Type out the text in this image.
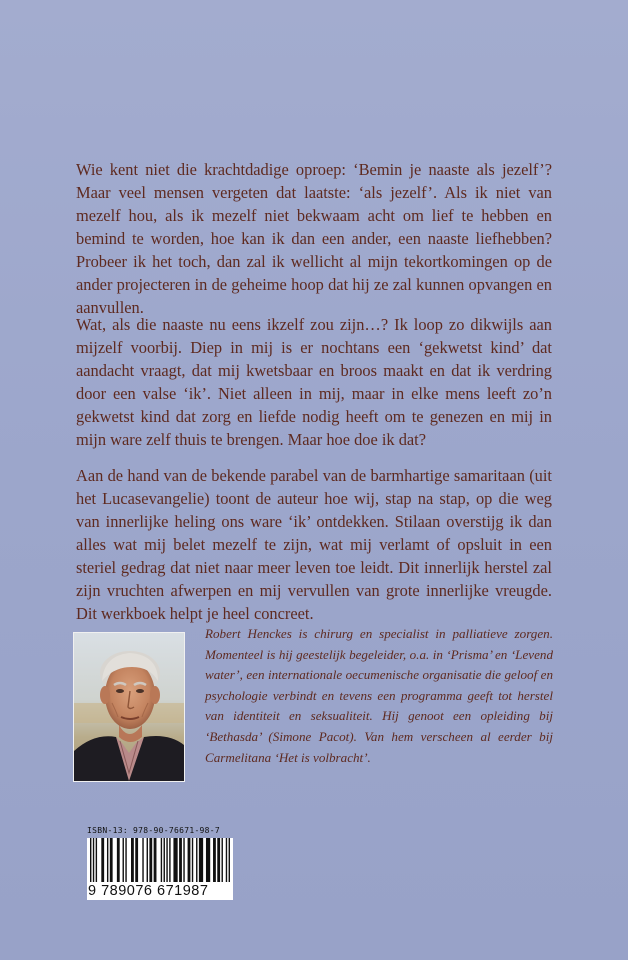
Wie kent niet die krachtdadige oproep: ‘Bemin je naaste als jezelf’? Maar veel mensen vergeten dat laatste: ‘als jezelf’. Als ik niet van mezelf hou, als ik mezelf niet bekwaam acht om lief te hebben en bemind te worden, hoe kan ik dan een ander, een naaste liefhebben? Probeer ik het toch, dan zal ik wellicht al mijn tekortkomingen op de ander projecteren in de geheime hoop dat hij ze zal kunnen opvangen en aanvullen.

Wat, als die naaste nu eens ikzelf zou zijn…? Ik loop zo dikwijls aan mijzelf voorbij. Diep in mij is er nochtans een ‘gekwetst kind’ dat aandacht vraagt, dat mij kwetsbaar en broos maakt en dat ik verdring door een valse ‘ik’. Niet alleen in mij, maar in elke mens leeft zo’n gekwetst kind dat zorg en liefde nodig heeft om te genezen en mij in mijn ware zelf thuis te brengen. Maar hoe doe ik dat?

Aan de hand van de bekende parabel van de barmhartige samaritaan (uit het Lucasevangelie) toont de auteur hoe wij, stap na stap, op die weg van innerlijke heling ons ware ‘ik’ ontdekken. Stilaan overstijg ik dan alles wat mij belet mezelf te zijn, wat mij verlamt of opsluit in een steriel gedrag dat niet naar meer leven toe leidt. Dit innerlijk herstel zal zijn vruchten afwerpen en mij vervullen van grote innerlijke vreugde. Dit werkboek helpt je heel concreet.

Robert Henckes is chirurg en specialist in palliatieve zorgen. Momenteel is hij geestelijk begeleider, o.a. in ‘Prisma’ en ‘Levend water’, een internationale oecumenische organisatie die geloof en psychologie verbindt en tevens een programma geeft tot herstel van identiteit en seksualiteit. Hij genoot een opleiding bij ‘Bethasda’ (Simone Pacot). Van hem verscheen al eerder bij Carmelitana ‘Het is volbracht’.

ISBN-13: 978-90-76671-98-7
9 789076 671987
